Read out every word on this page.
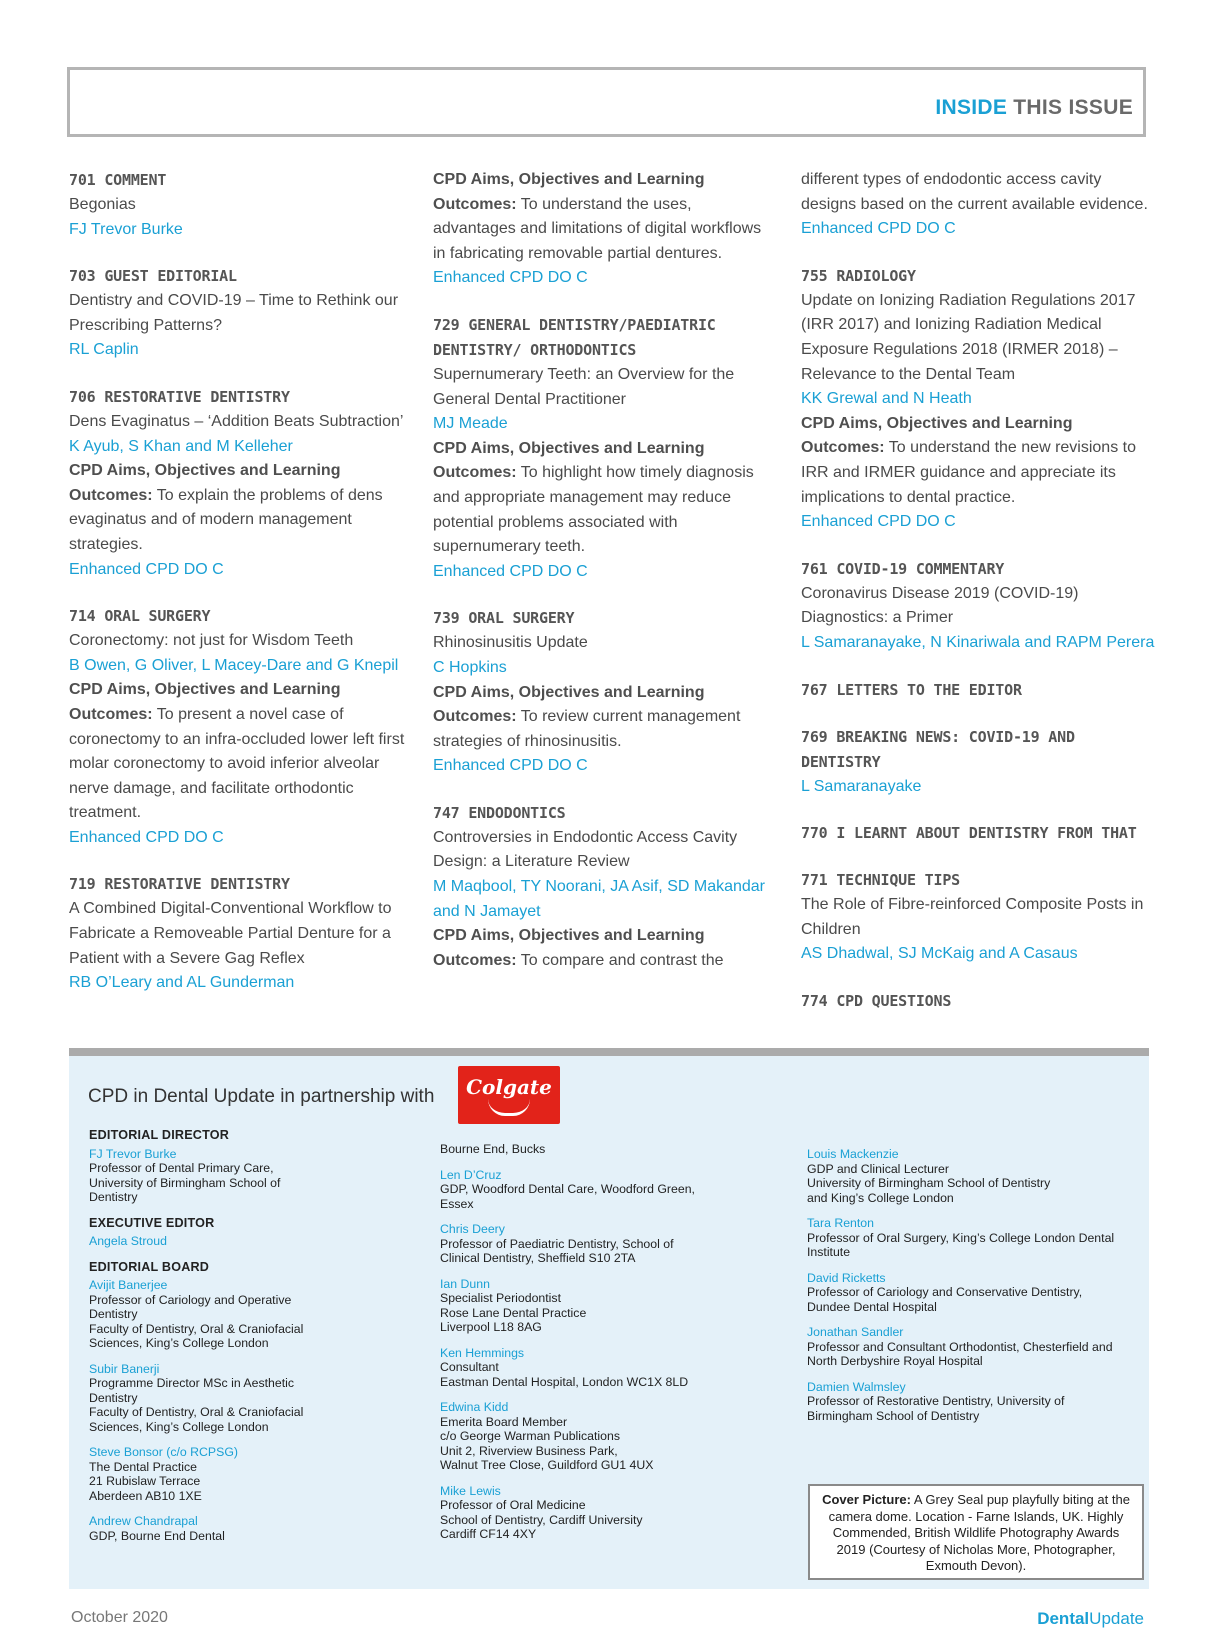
INSIDE THIS ISSUE
701 COMMENT
Begonias
FJ Trevor Burke
703 GUEST EDITORIAL
Dentistry and COVID-19 – Time to Rethink our Prescribing Patterns?
RL Caplin
706 RESTORATIVE DENTISTRY
Dens Evaginatus – ‘Addition Beats Subtraction’
K Ayub, S Khan and M Kelleher
CPD Aims, Objectives and Learning
Outcomes: To explain the problems of dens evaginatus and of modern management strategies.
Enhanced CPD DO C
714 ORAL SURGERY
Coronectomy: not just for Wisdom Teeth
B Owen, G Oliver, L Macey-Dare and G Knepil
CPD Aims, Objectives and Learning
Outcomes: To present a novel case of coronectomy to an infra-occluded lower left first molar coronectomy to avoid inferior alveolar nerve damage, and facilitate orthodontic treatment.
Enhanced CPD DO C
719 RESTORATIVE DENTISTRY
A Combined Digital-Conventional Workflow to Fabricate a Removeable Partial Denture for a Patient with a Severe Gag Reflex
RB O’Leary and AL Gunderman
CPD Aims, Objectives and Learning
Outcomes: To understand the uses, advantages and limitations of digital workflows in fabricating removable partial dentures.
Enhanced CPD DO C
729 GENERAL DENTISTRY/PAEDIATRIC DENTISTRY/ ORTHODONTICS
Supernumerary Teeth: an Overview for the General Dental Practitioner
MJ Meade
CPD Aims, Objectives and Learning
Outcomes: To highlight how timely diagnosis and appropriate management may reduce potential problems associated with supernumerary teeth.
Enhanced CPD DO C
739 ORAL SURGERY
Rhinosinusitis Update
C Hopkins
CPD Aims, Objectives and Learning
Outcomes: To review current management strategies of rhinosinusitis.
Enhanced CPD DO C
747 ENDODONTICS
Controversies in Endodontic Access Cavity Design: a Literature Review
M Maqbool, TY Noorani, JA Asif, SD Makandar and N Jamayet
CPD Aims, Objectives and Learning
Outcomes: To compare and contrast the
different types of endodontic access cavity designs based on the current available evidence.
Enhanced CPD DO C
755 RADIOLOGY
Update on Ionizing Radiation Regulations 2017 (IRR 2017) and Ionizing Radiation Medical Exposure Regulations 2018 (IRMER 2018) – Relevance to the Dental Team
KK Grewal and N Heath
CPD Aims, Objectives and Learning
Outcomes: To understand the new revisions to IRR and IRMER guidance and appreciate its implications to dental practice.
Enhanced CPD DO C
761 COVID-19 COMMENTARY
Coronavirus Disease 2019 (COVID-19) Diagnostics: a Primer
L Samaranayake, N Kinariwala and RAPM Perera
767 LETTERS TO THE EDITOR
769 BREAKING NEWS: COVID-19 AND DENTISTRY
L Samaranayake
770 I LEARNT ABOUT DENTISTRY FROM THAT
771 TECHNIQUE TIPS
The Role of Fibre-reinforced Composite Posts in Children
AS Dhadwal, SJ McKaig and A Casaus
774 CPD QUESTIONS
CPD in Dental Update in partnership with	Colgate
EDITORIAL DIRECTOR
FJ Trevor Burke
Professor of Dental Primary Care,
University of Birmingham School of
Dentistry
EXECUTIVE EDITOR
Angela Stroud
EDITORIAL BOARD
Avijit Banerjee
Professor of Cariology and Operative
Dentistry
Faculty of Dentistry, Oral & Craniofacial
Sciences, King’s College London
Subir Banerji
Programme Director MSc in Aesthetic
Dentistry
Faculty of Dentistry, Oral & Craniofacial
Sciences, King’s College London
Steve Bonsor (c/o RCPSG)
The Dental Practice
21 Rubislaw Terrace
Aberdeen AB10 1XE
Andrew Chandrapal
GDP, Bourne End Dental
Bourne End, Bucks
Len D’Cruz
GDP, Woodford Dental Care, Woodford Green,
Essex
Chris Deery
Professor of Paediatric Dentistry, School of
Clinical Dentistry, Sheffield S10 2TA
Ian Dunn
Specialist Periodontist
Rose Lane Dental Practice
Liverpool L18 8AG
Ken Hemmings
Consultant
Eastman Dental Hospital, London WC1X 8LD
Edwina Kidd
Emerita Board Member
c/o George Warman Publications
Unit 2, Riverview Business Park,
Walnut Tree Close, Guildford GU1 4UX
Mike Lewis
Professor of Oral Medicine
School of Dentistry, Cardiff University
Cardiff CF14 4XY
Louis Mackenzie
GDP and Clinical Lecturer
University of Birmingham School of Dentistry
and King’s College London
Tara Renton
Professor of Oral Surgery, King’s College London Dental
Institute
David Ricketts
Professor of Cariology and Conservative Dentistry,
Dundee Dental Hospital
Jonathan Sandler
Professor and Consultant Orthodontist, Chesterfield and
North Derbyshire Royal Hospital
Damien Walmsley
Professor of Restorative Dentistry, University of
Birmingham School of Dentistry
Cover Picture: A Grey Seal pup playfully biting at the camera dome. Location - Farne Islands, UK. Highly Commended, British Wildlife Photography Awards 2019 (Courtesy of Nicholas More, Photographer, Exmouth Devon).
October 2020	DentalUpdate
